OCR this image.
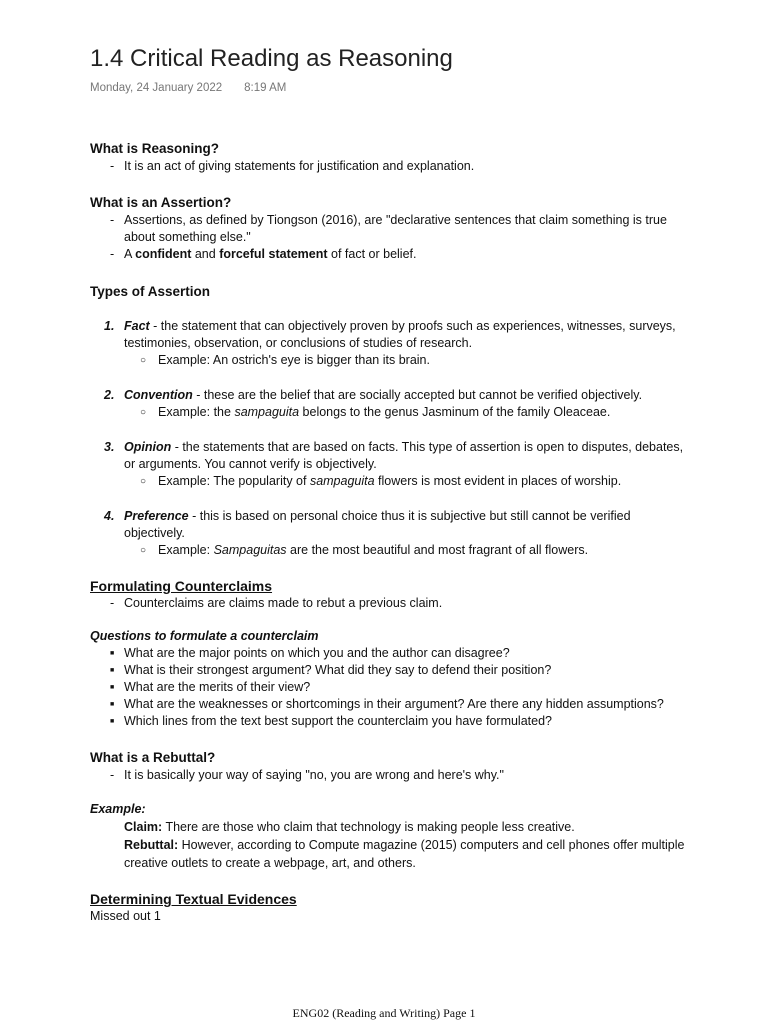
1.4 Critical Reading as Reasoning
Monday, 24 January 2022 8:19 AM
What is Reasoning?
- It is an act of giving statements for justification and explanation.
What is an Assertion?
- Assertions, as defined by Tiongson (2016), are "declarative sentences that claim something is true about something else."
- A confident and forceful statement of fact or belief.
Types of Assertion
1. Fact - the statement that can objectively proven by proofs such as experiences, witnesses, surveys, testimonies, observation, or conclusions of studies of research.
○ Example: An ostrich's eye is bigger than its brain.
2. Convention - these are the belief that are socially accepted but cannot be verified objectively.
○ Example: the sampaguita belongs to the genus Jasminum of the family Oleaceae.
3. Opinion - the statements that are based on facts. This type of assertion is open to disputes, debates, or arguments. You cannot verify is objectively.
○ Example: The popularity of sampaguita flowers is most evident in places of worship.
4. Preference - this is based on personal choice thus it is subjective but still cannot be verified objectively.
○ Example: Sampaguitas are the most beautiful and most fragrant of all flowers.
Formulating Counterclaims
- Counterclaims are claims made to rebut a previous claim.
Questions to formulate a counterclaim
■ What are the major points on which you and the author can disagree?
■ What is their strongest argument? What did they say to defend their position?
■ What are the merits of their view?
■ What are the weaknesses or shortcomings in their argument? Are there any hidden assumptions?
■ Which lines from the text best support the counterclaim you have formulated?
What is a Rebuttal?
- It is basically your way of saying "no, you are wrong and here's why."
Example:
Claim: There are those who claim that technology is making people less creative.
Rebuttal: However, according to Compute magazine (2015) computers and cell phones offer multiple creative outlets to create a webpage, art, and others.
Determining Textual Evidences
Missed out 1
ENG02 (Reading and Writing) Page 1
